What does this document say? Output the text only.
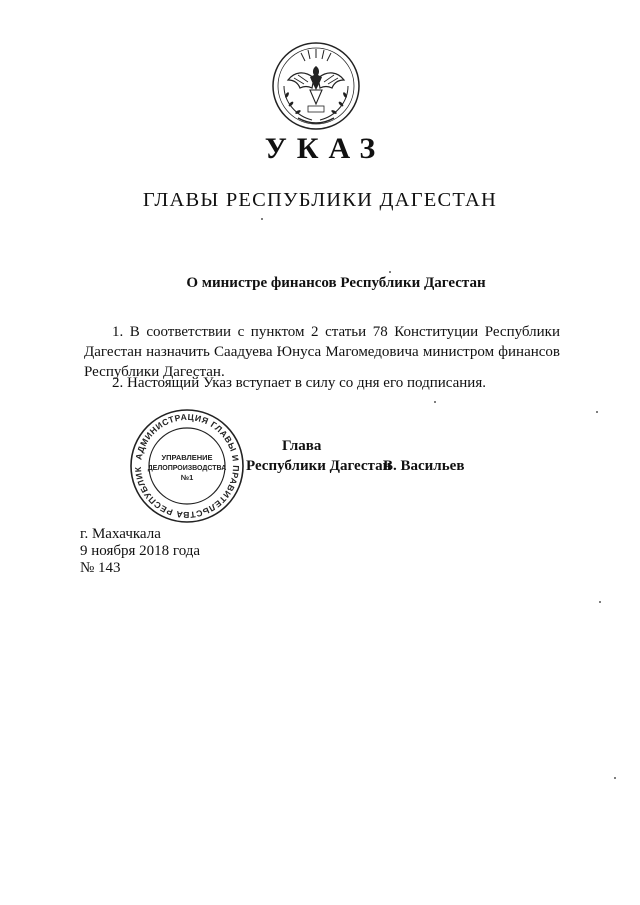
УКАЗ
ГЛАВЫ РЕСПУБЛИКИ ДАГЕСТАН
О министре финансов Республики Дагестан
1. В соответствии с пунктом 2 статьи 78 Конституции Республики Дагестан назначить Саадуева Юнуса Магомедовича министром финансов Республики Дагестан.
2. Настоящий Указ вступает в силу со дня его подписания.
АДМИНИСТРАЦИЯ ГЛАВЫ И ПРАВИТЕЛЬСТВА РЕСПУБЛИК
УПРАВЛЕНИЕ
ДЕЛОПРОИЗВОДСТВА
№1
Глава
Республики Дагестан
В. Васильев
г. Махачкала
9 ноября 2018 года
№ 143
